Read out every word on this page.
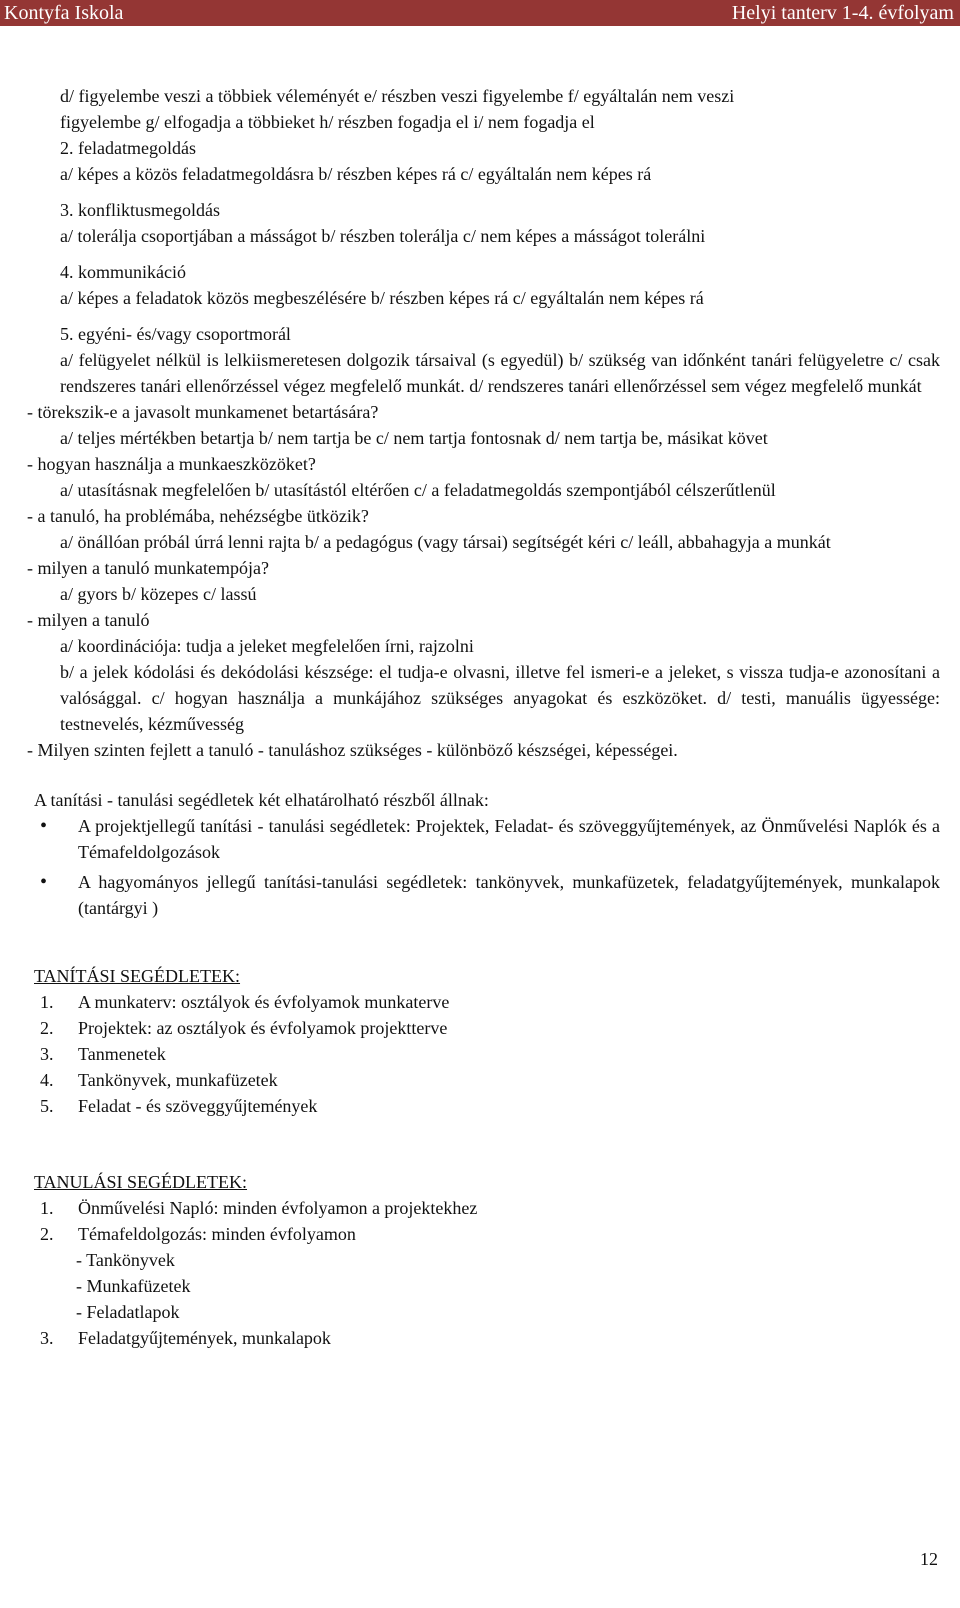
Kontyfa Iskola	Helyi tanterv 1-4. évfolyam

d/ figyelembe veszi a többiek véleményét e/ részben veszi figyelembe f/ egyáltalán nem veszi

figyelembe g/ elfogadja a többieket h/ részben fogadja el i/ nem fogadja el

2. feladatmegoldás

a/ képes a közös feladatmegoldásra b/ részben képes rá c/ egyáltalán nem képes rá

3. konfliktusmegoldás

a/ tolerálja csoportjában a másságot b/ részben tolerálja c/ nem képes a másságot tolerálni

4. kommunikáció

a/ képes a feladatok közös megbeszélésére b/ részben képes rá c/ egyáltalán nem képes rá

5. egyéni- és/vagy csoportmorál

a/ felügyelet nélkül is lelkiismeretesen dolgozik társaival (s egyedül) b/ szükség van időnként tanári felügyeletre c/ csak rendszeres tanári ellenőrzéssel végez megfelelő munkát. d/ rendszeres tanári ellenőrzéssel sem végez megfelelő munkát

- törekszik-e a javasolt munkamenet betartására?

a/ teljes mértékben betartja b/ nem tartja be c/ nem tartja fontosnak d/ nem tartja be, másikat követ

- hogyan használja a munkaeszközöket?

a/ utasításnak megfelelően b/ utasítástól eltérően c/ a feladatmegoldás szempontjából célszerűtlenül

- a tanuló, ha problémába, nehézségbe ütközik?

a/ önállóan próbál úrrá lenni rajta b/ a pedagógus (vagy társai) segítségét kéri c/ leáll, abbahagyja a munkát

- milyen a tanuló munkatempója?

a/ gyors b/ közepes c/ lassú

- milyen a tanuló

a/ koordinációja: tudja a jeleket megfelelően írni, rajzolni

b/ a jelek kódolási és dekódolási készsége: el tudja-e olvasni, illetve fel ismeri-e a jeleket, s vissza tudja-e azonosítani a valósággal. c/ hogyan használja a munkájához szükséges anyagokat és eszközöket. d/ testi, manuális ügyessége: testnevelés, kézművesség

- Milyen szinten fejlett a tanuló - tanuláshoz szükséges - különböző készségei, képességei.

A tanítási - tanulási segédletek két elhatárolható részből állnak:

• A projektjellegű tanítási - tanulási segédletek: Projektek, Feladat- és szöveggyűjtemények, az Önművelési Naplók és a Témafeldolgozások
• A hagyományos jellegű tanítási-tanulási segédletek: tankönyvek, munkafüzetek, feladatgyűjtemények, munkalapok (tantárgyi )

TANÍTÁSI SEGÉDLETEK:

1. A munkaterv: osztályok és évfolyamok munkaterve
2. Projektek: az osztályok és évfolyamok projektterve
3. Tanmenetek
4. Tankönyvek, munkafüzetek
5. Feladat - és szöveggyűjtemények

TANULÁSI SEGÉDLETEK:

1. Önművelési Napló: minden évfolyamon a projektekhez
2. Témafeldolgozás: minden évfolyamon

- Tankönyvek

- Munkafüzetek

- Feladatlapok

3. Feladatgyűjtemények, munkalapok
12
